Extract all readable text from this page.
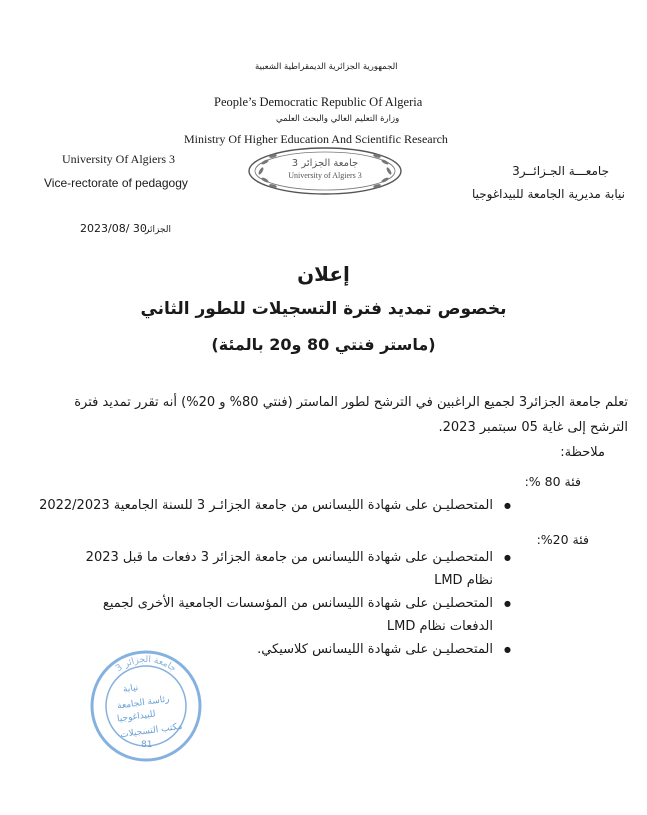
الجمهورية الجزائرية الديمقراطية الشعبية
People’s Democratic Republic Of Algeria
وزارة التعليم العالي والبحث العلمي
Ministry Of Higher Education And Scientific Research
University Of Algiers 3
Vice-rectorate of pedagogy
جامعة الجزائر 3
University of Algiers 3	جامعـــة الجـزائــر3
نيابة مديرية الجامعة للبيداغوجيا
الجزائر:
2023/08/ 30
إعلان
بخصوص تمديد فترة التسجيلات للطور الثاني
(ماستر فنتي 80 و20 بالمئة)
تعلم جامعة الجزائر3 لجميع الراغبين في الترشح لطور الماستر (فنتي 80% و 20%) أنه تقرر تمديد فترة الترشح إلى غاية 05 سبتمبر 2023.
ملاحظة:
فئة 80 %:
● المتحصليـن على شهادة الليسانس من جامعة الجزائـر 3 للسنة الجامعية 2022/2023
فئة 20%:
● المتحصليـن على شهادة الليسانس من جامعة الجزائر 3 دفعات ما قبل 2023 نظام LMD
● المتحصليـن على شهادة الليسانس من المؤسسات الجامعية الأخرى لجميع الدفعات نظام LMD
● المتحصليـن على شهادة الليسانس كلاسيكي.
جامعة الجزائر 3
نيابة
رئاسة الجامعة
للبيداغوجيا
مكتب التسجيلات
81
